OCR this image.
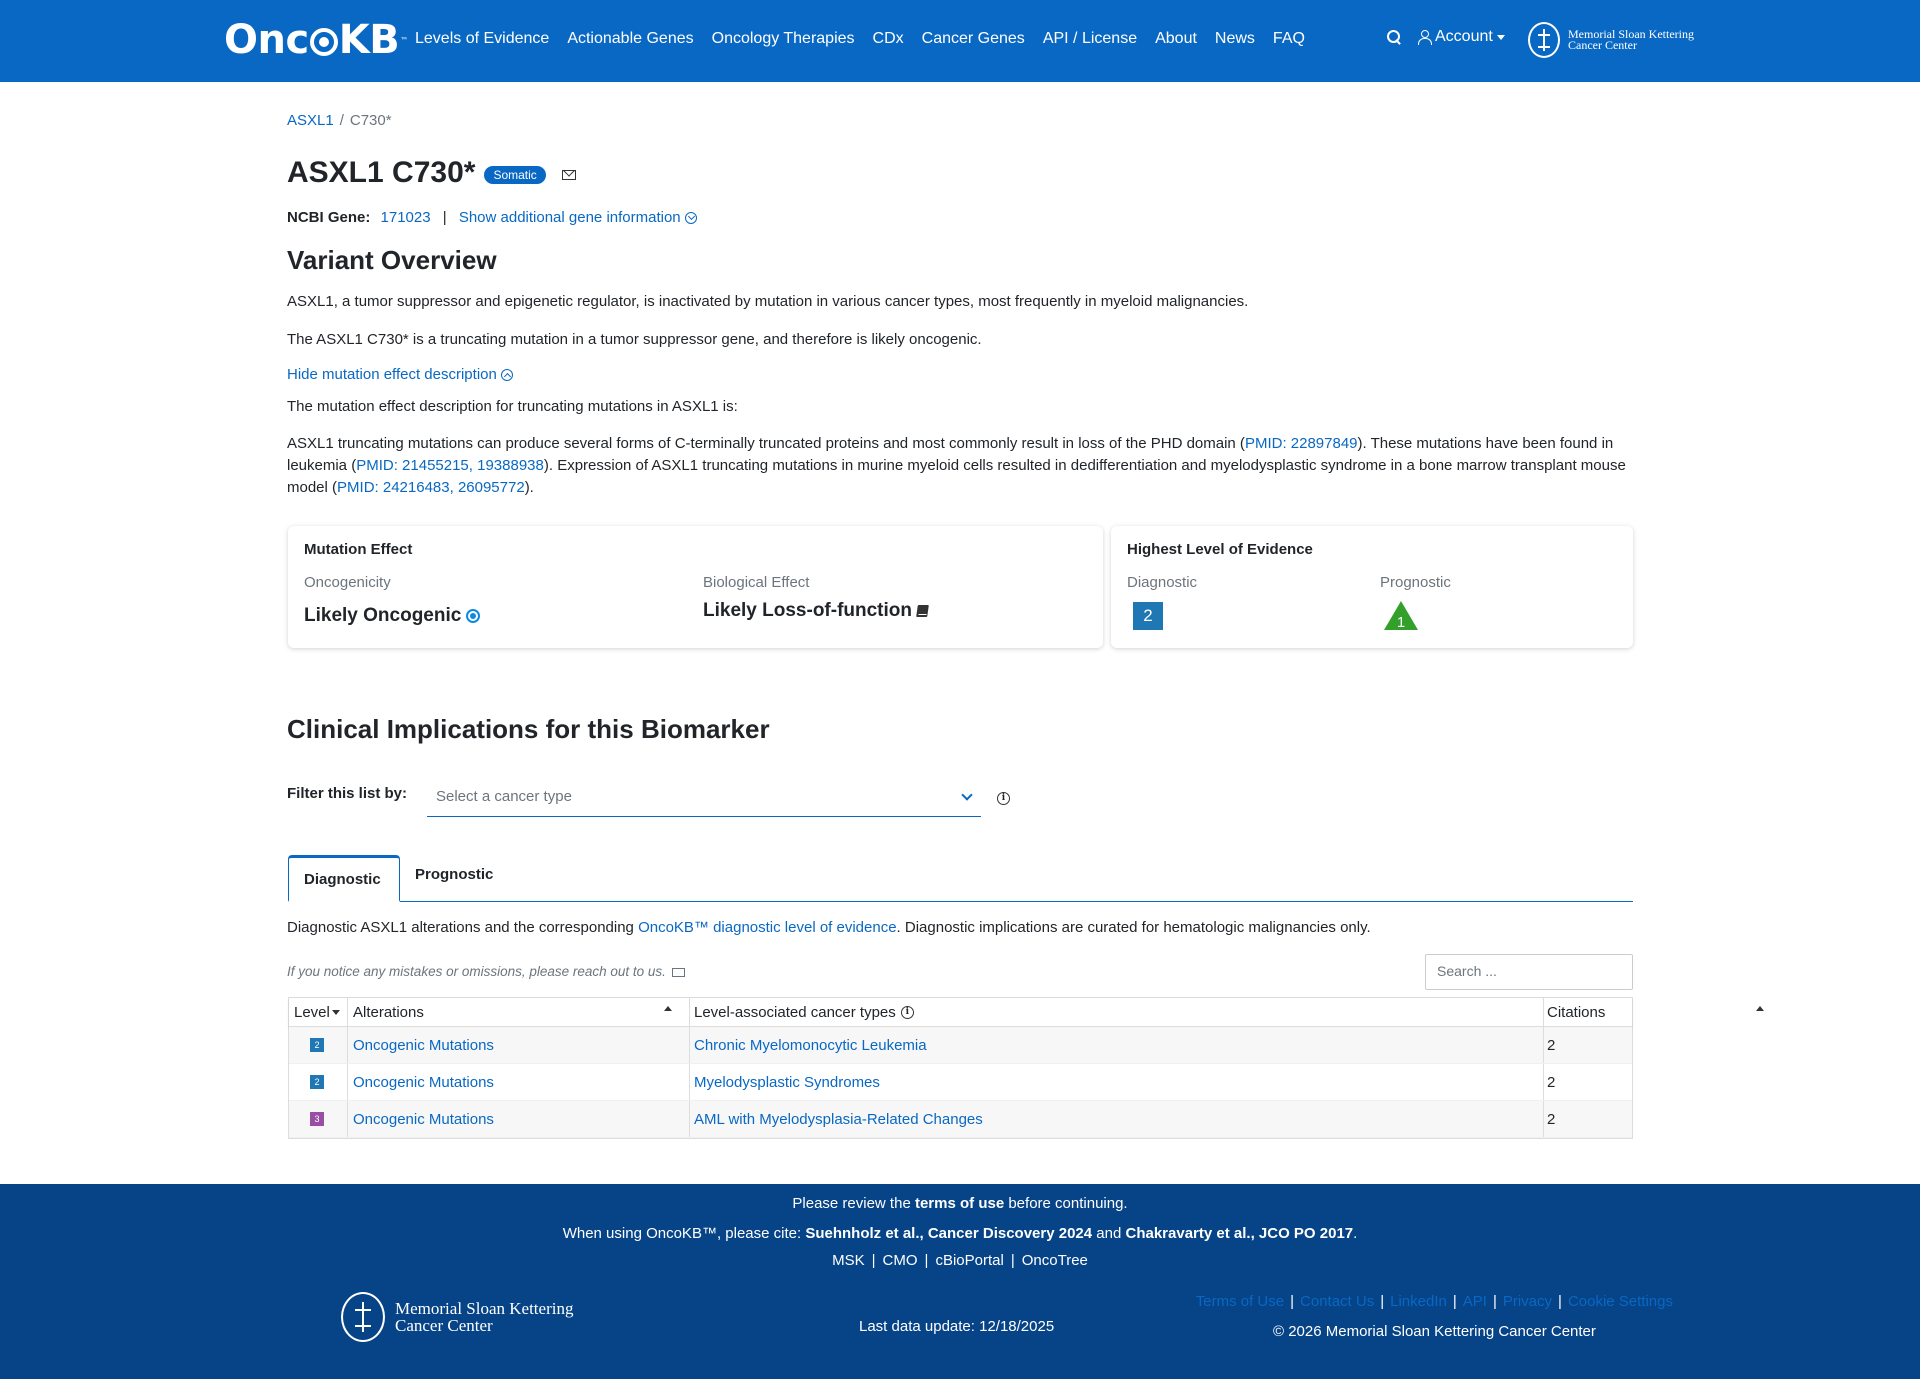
Onc KB ™ Levels of Evidence Actionable Genes Oncology Therapies CDx Cancer Genes API / License About News FAQ	Account	Memorial Sloan Kettering
Cancer Center
ASXL1 / C730*
ASXL1 C730*	Somatic
NCBI Gene: 171023 | Show additional gene information
Variant Overview
ASXL1, a tumor suppressor and epigenetic regulator, is inactivated by mutation in various cancer types, most frequently in myeloid malignancies.
The ASXL1 C730* is a truncating mutation in a tumor suppressor gene, and therefore is likely oncogenic.
Hide mutation effect description
The mutation effect description for truncating mutations in ASXL1 is:
ASXL1 truncating mutations can produce several forms of C-terminally truncated proteins and most commonly result in loss of the PHD domain (PMID: 22897849). These mutations have been found in leukemia (PMID: 21455215, 19388938). Expression of ASXL1 truncating mutations in murine myeloid cells resulted in dedifferentiation and myelodysplastic syndrome in a bone marrow transplant mouse model (PMID: 24216483, 26095772).
Mutation Effect
Oncogenicity
Likely Oncogenic
Biological Effect
Likely Loss-of-function
Highest Level of Evidence
Diagnostic
2
Prognostic
1
Clinical Implications for this Biomarker
Filter this list by:	Select a cancer type	i
Diagnostic	Prognostic
Diagnostic ASXL1 alterations and the corresponding OncoKB™ diagnostic level of evidence. Diagnostic implications are curated for hematologic malignancies only.
If you notice any mistakes or omissions, please reach out to us.	Search ...
Level Alterations	Level-associated cancer types	i	Citations
2	Oncogenic Mutations	Chronic Myelomonocytic Leukemia	2
2	Oncogenic Mutations	Myelodysplastic Syndromes	2
3	Oncogenic Mutations	AML with Myelodysplasia-Related Changes	2
Please review the terms of use before continuing.
When using OncoKB™, please cite: Suehnholz et al., Cancer Discovery 2024 and Chakravarty et al., JCO PO 2017.
MSK | CMO | cBioPortal | OncoTree
Memorial Sloan Kettering
Cancer Center	Last data update: 12/18/2025
Terms of Use | Contact Us | LinkedIn | API | Privacy | Cookie Settings
© 2026 Memorial Sloan Kettering Cancer Center
